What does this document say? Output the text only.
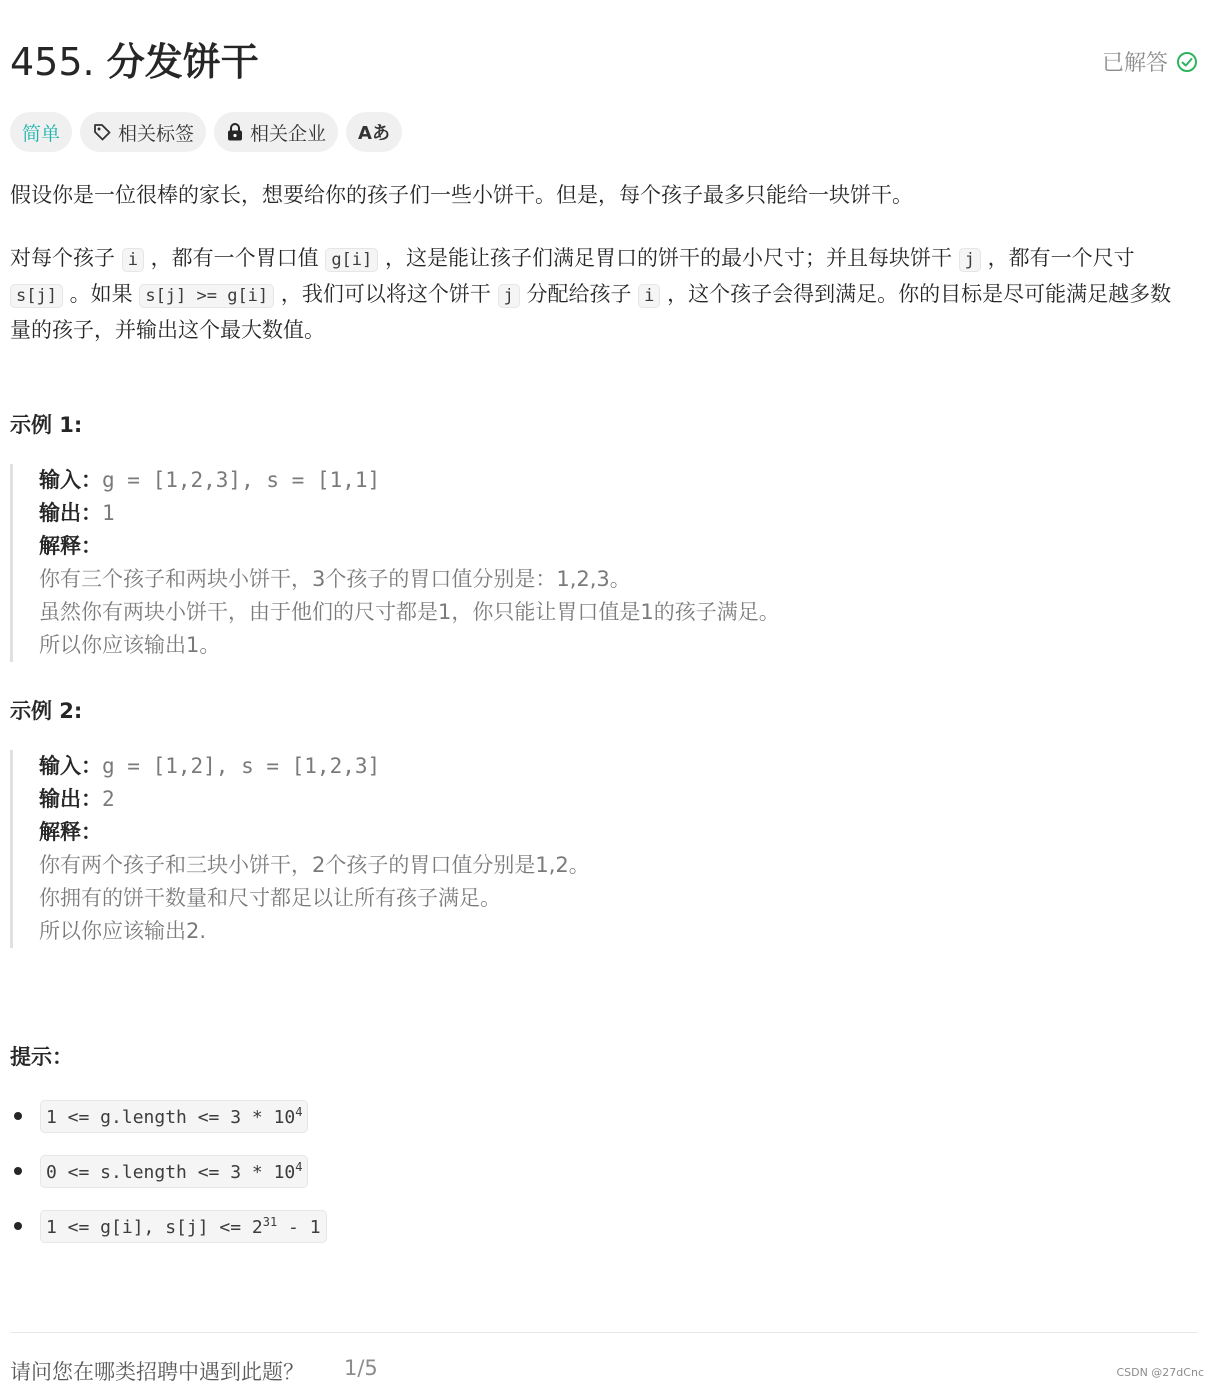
455. 分发饼干	已解答
简单	相关标签	相关企业 Aあ
假设你是一位很棒的家长，想要给你的孩子们一些小饼干。但是，每个孩子最多只能给一块饼干。
对每个孩子 i ，都有一个胃口值 g[i] ，这是能让孩子们满足胃口的饼干的最小尺寸；并且每块饼干 j ，都有一个尺寸 s[j] 。如果 s[j] >= g[i] ，我们可以将这个饼干 j 分配给孩子 i ，这个孩子会得到满足。你的目标是尽可能满足越多数量的孩子，并输出这个最大数值。
示例 1:
输入：g = [1,2,3], s = [1,1]
输出：1
解释：
你有三个孩子和两块小饼干，3个孩子的胃口值分别是：1,2,3。
虽然你有两块小饼干，由于他们的尺寸都是1，你只能让胃口值是1的孩子满足。
所以你应该输出1。
示例 2:
输入：g = [1,2], s = [1,2,3]
输出：2
解释：
你有两个孩子和三块小饼干，2个孩子的胃口值分别是1,2。
你拥有的饼干数量和尺寸都足以让所有孩子满足。
所以你应该输出2.
提示：
1 <= g.length <= $3 * 10^4$
0 <= s.length <= $3 * 10^4$
1 <= g[i], $s[j] <= 2^{31} - 1$
请问您在哪类招聘中遇到此题？ 1/5	CSDN @27dCnc
